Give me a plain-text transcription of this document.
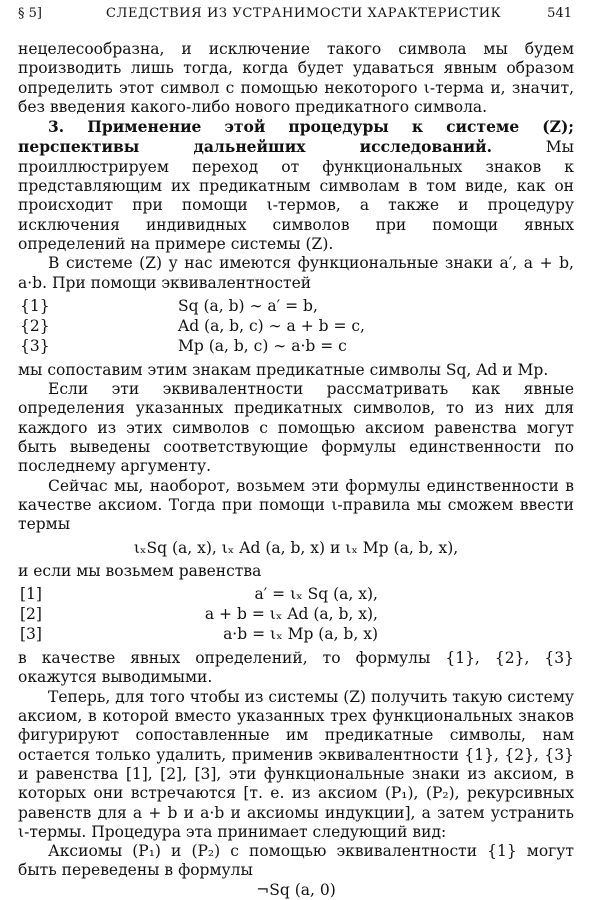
§ 5]	СЛЕДСТВИЯ ИЗ УСТРАНИМОСТИ ХАРАКТЕРИСТИК	541

нецелесообразна, и исключение такого символа мы будем производить лишь тогда, когда будет удаваться явным образом определить этот символ с помощью некоторого ι-терма и, значит, без введения какого-либо нового предикатного символа.

3. Применение этой процедуры к системе (Z); перспективы дальнейших исследований. Мы проиллюстрируем переход от функциональных знаков к представляющим их предикатным символам в том виде, как он происходит при помощи ι-термов, а также и процедуру исключения индивидных символов при помощи явных определений на примере системы (Z).

В системе (Z) у нас имеются функциональные знаки a′, a + b, a·b. При помощи эквивалентностей

{1}	Sq (a, b) ∼ a′ = b,
{2}	Ad (a, b, c) ∼ a + b = c,
{3}	Mp (a, b, c) ∼ a·b = c

мы сопоставим этим знакам предикатные символы Sq, Ad и Mp.

Если эти эквивалентности рассматривать как явные определения указанных предикатных символов, то из них для каждого из этих символов с помощью аксиом равенства могут быть выведены соответствующие формулы единственности по последнему аргументу.

Сейчас мы, наоборот, возьмем эти формулы единственности в качестве аксиом. Тогда при помощи ι-правила мы сможем ввести термы

ιₓSq (a, x), ιₓ Ad (a, b, x) и ιₓ Mp (a, b, x),

и если мы возьмем равенства

[1]	a′ = ιₓ Sq (a, x),
[2]	a + b = ιₓ Ad (a, b, x),
[3]	a·b = ιₓ Mp (a, b, x)

в качестве явных определений, то формулы {1}, {2}, {3} окажутся выводимыми.

Теперь, для того чтобы из системы (Z) получить такую систему аксиом, в которой вместо указанных трех функциональных знаков фигурируют сопоставленные им предикатные символы, нам остается только удалить, применив эквивалентности {1}, {2}, {3} и равенства [1], [2], [3], эти функциональные знаки из аксиом, в которых они встречаются [т. е. из аксиом (P₁), (P₂), рекурсивных равенств для a + b и a·b и аксиомы индукции], а затем устранить ι-термы. Процедура эта принимает следующий вид:

Аксиомы (P₁) и (P₂) с помощью эквивалентности {1} могут быть переведены в формулы

¬Sq (a, 0)
